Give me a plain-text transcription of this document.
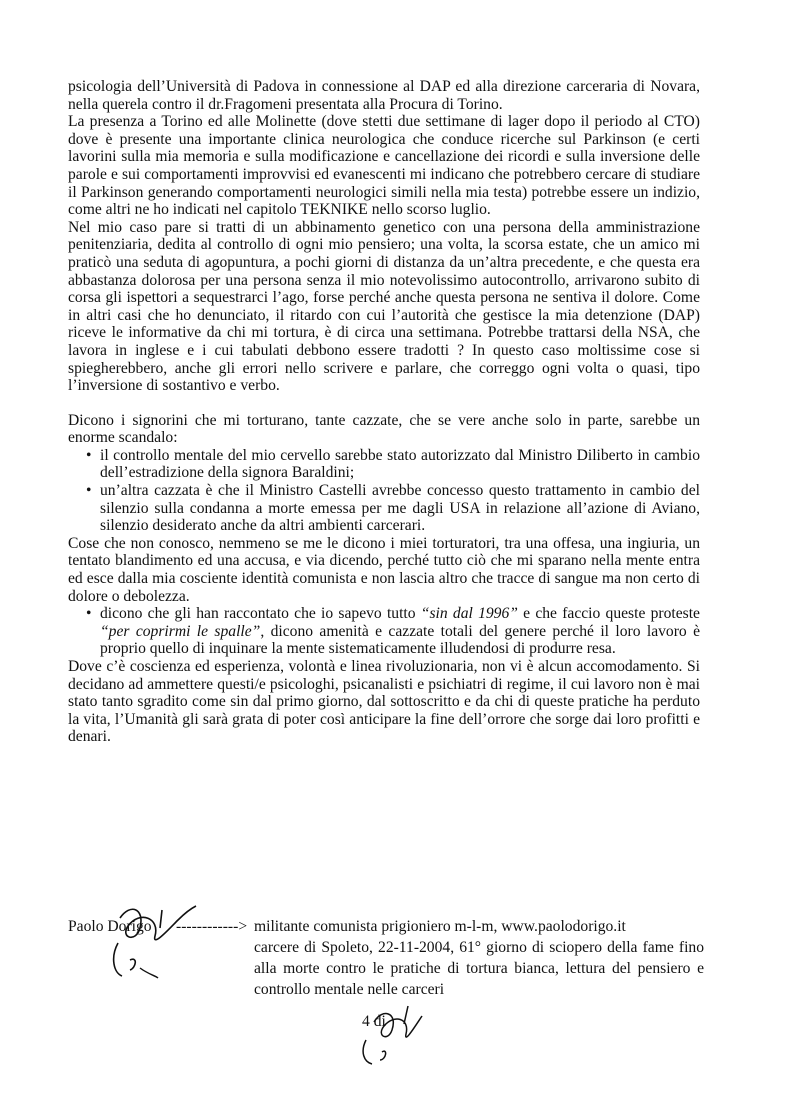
psicologia dell’Università di Padova in connessione al DAP ed alla direzione carceraria di Novara, nella querela contro il dr.Fragomeni presentata alla Procura di Torino.

La presenza a Torino ed alle Molinette (dove stetti due settimane di lager dopo il periodo al CTO) dove è presente una importante clinica neurologica che conduce ricerche sul Parkinson (e certi lavorini sulla mia memoria e sulla modificazione e cancellazione dei ricordi e sulla inversione delle parole e sui comportamenti improvvisi ed evanescenti mi indicano che potrebbero cercare di studiare il Parkinson generando comportamenti neurologici simili nella mia testa) potrebbe essere un indizio, come altri ne ho indicati nel capitolo TEKNIKE nello scorso luglio.

Nel mio caso pare si tratti di un abbinamento genetico con una persona della amministrazione penitenziaria, dedita al controllo di ogni mio pensiero; una volta, la scorsa estate, che un amico mi praticò una seduta di agopuntura, a pochi giorni di distanza da un’altra precedente, e che questa era abbastanza dolorosa per una persona senza il mio notevolissimo autocontrollo, arrivarono subito di corsa gli ispettori a sequestrarci l’ago, forse perché anche questa persona ne sentiva il dolore. Come in altri casi che ho denunciato, il ritardo con cui l’autorità che gestisce la mia detenzione (DAP) riceve le informative da chi mi tortura, è di circa una settimana. Potrebbe trattarsi della NSA, che lavora in inglese e i cui tabulati debbono essere tradotti ? In questo caso moltissime cose si spiegherebbero, anche gli errori nello scrivere e parlare, che correggo ogni volta o quasi, tipo l’inversione di sostantivo e verbo.

Dicono i signorini che mi torturano, tante cazzate, che se vere anche solo in parte, sarebbe un enorme scandalo:

• il controllo mentale del mio cervello sarebbe stato autorizzato dal Ministro Diliberto in cambio dell’estradizione della signora Baraldini;
• un’altra cazzata è che il Ministro Castelli avrebbe concesso questo trattamento in cambio del silenzio sulla condanna a morte emessa per me dagli USA in relazione all’azione di Aviano, silenzio desiderato anche da altri ambienti carcerari.

Cose che non conosco, nemmeno se me le dicono i miei torturatori, tra una offesa, una ingiuria, un tentato blandimento ed una accusa, e via dicendo, perché tutto ciò che mi sparano nella mente entra ed esce dalla mia cosciente identità comunista e non lascia altro che tracce di sangue ma non certo di dolore o debolezza.

• dicono che gli han raccontato che io sapevo tutto “sin dal 1996” e che faccio queste proteste “per coprirmi le spalle”, dicono amenità e cazzate totali del genere perché il loro lavoro è proprio quello di inquinare la mente sistematicamente illudendosi di produrre resa.

Dove c’è coscienza ed esperienza, volontà e linea rivoluzionaria, non vi è alcun accomodamento. Si decidano ad ammettere questi/e psicologhi, psicanalisti e psichiatri di regime, il cui lavoro non è mai stato tanto sgradito come sin dal primo giorno, dal sottoscritto e da chi di queste pratiche ha perduto la vita, l’Umanità gli sarà grata di poter così anticipare la fine dell’orrore che sorge dai loro profitti e denari.

Paolo Dorigo ------------> militante comunista prigioniero m-l-m, www.paolodorigo.it

carcere di Spoleto, 22-11-2004, 61° giorno di sciopero della fame fino alla morte contro le pratiche di tortura bianca, lettura del pensiero e controllo mentale nelle carceri

4 di
